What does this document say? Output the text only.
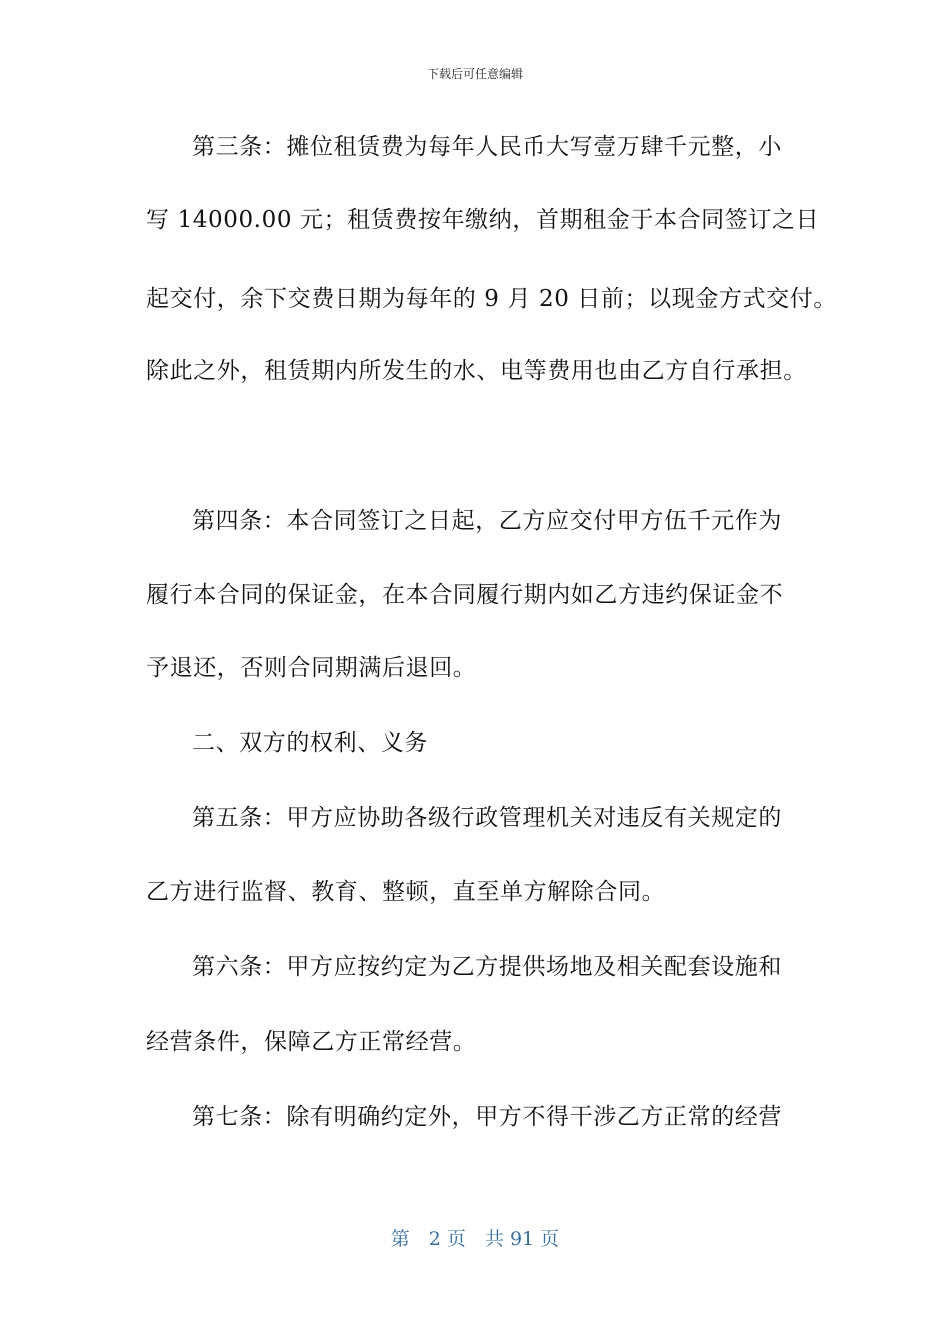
下载后可任意编辑
第三条：摊位租赁费为每年人民币大写壹万肆千元整，小
写 14000.00 元；租赁费按年缴纳，首期租金于本合同签订之日
起交付，余下交费日期为每年的 9 月 20 日前；以现金方式交付。
除此之外，租赁期内所发生的水、电等费用也由乙方自行承担。
第四条：本合同签订之日起，乙方应交付甲方伍千元作为
履行本合同的保证金，在本合同履行期内如乙方违约保证金不
予退还，否则合同期满后退回。
二、双方的权利、义务
第五条：甲方应协助各级行政管理机关对违反有关规定的
乙方进行监督、教育、整顿，直至单方解除合同。
第六条：甲方应按约定为乙方提供场地及相关配套设施和
经营条件，保障乙方正常经营。
第七条：除有明确约定外，甲方不得干涉乙方正常的经营
第　2 页　共 91 页
